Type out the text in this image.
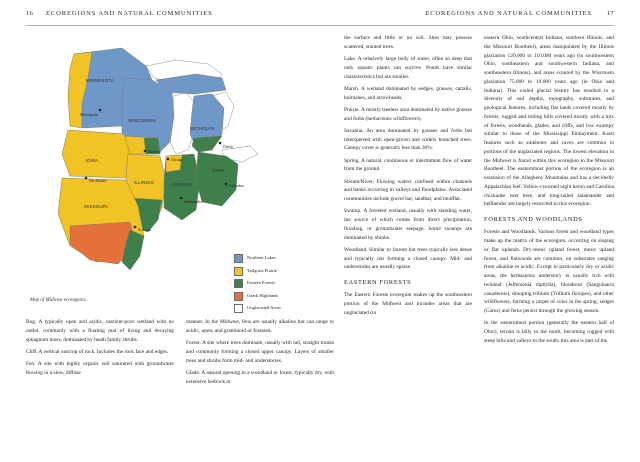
16 ECOREGIONS AND NATURAL COMMUNITIES	ECOREGIONS AND NATURAL COMMUNITIES 17
MINNESOTA
WISCONSIN
MICHIGAN
IOWA
ILLINOIS	INDIANA
OHIO
MISSOURI
Minneapolis
Madison
Detroit
Chicago
Des Moines
Columbus
Indianapolis
St. Louis
Northern Lakes
Tallgrass Prairie
Eastern Forests
Ozark Highlands
Unglaciated Areas
Map of Midwest ecoregions.

Bog. A typically open and acidic, nutrient-poor wetland with no outlet, commonly with a floating mat of living and decaying sphagnum moss, dominated by heath family shrubs.

Cliff. A vertical outcrop of rock. Includes the rock face and edges.

Fen. A site with highly organic soil saturated with groundwater flowing in a slow, diffuse

manner. In the Midwest, fens are usually alkaline but can range to acidic, open, and graminoid or forested.

Forest. A site where trees dominate, usually with tall, straight trunks and commonly forming a closed upper canopy. Layers of smaller trees and shrubs form mid- and understories.

Glade. A natural opening in a woodland or forest, typically dry, with extensive bedrock at

the surface and little or no soil. Sites may possess scattered, stunted trees.

Lake. A relatively large body of water, often so deep that only aquatic plants can survive. Ponds have similar characteristics but are smaller.

Marsh. A wetland dominated by sedges, grasses, cattails, bulrushes, and arrowheads.

Prairie. A mostly treeless area dominated by native grasses and forbs (herbaceous wildflowers).

Savanna. An area dominated by grasses and forbs but interspersed with open-grown and widely branched trees. Canopy cover is generally less than 30%.

Spring. A natural, continuous or intermittent flow of water from the ground.

Stream/River. Flowing waters confined within channels and banks occurring in valleys and floodplains. Associated communities include gravel bar, sandbar, and mudflat.

Swamp. A forested wetland, usually with standing water, the source of which comes from direct precipitation, flooding, or groundwater seepage. Some swamps are dominated by shrubs.

Woodland. Similar to forests but trees typically less dense and typically not forming a closed canopy. Mid- and understories are usually sparse.

EASTERN FORESTS

The Eastern Forests ecoregion makes up the southeastern portion of the Midwest and includes areas that are unglaciated (in

eastern Ohio, southcentral Indiana, southern Illinois, and the Missouri Bootheel), areas manipulated by the Illinois glaciation 120,000 to 110,000 years ago (in southwestern Ohio, southeastern and southwestern Indiana, and southeastern Illinois), and areas scoured by the Wisconsin glaciation 75,000 to 10,000 years ago (in Ohio and Indiana). This varied glacial history has resulted in a diversity of soil depths, topography, substrates, and geological features, including flat lands covered mostly by forests, rugged and rolling hills covered mostly with a mix of forests, woodlands, glades, and cliffs, and low swampy similar to those of the Mississippi Embayment. Karst features such as sinkholes and caves are common in portions of the unglaciated regions. The lowest elevation in the Midwest is found within this ecoregion in the Missouri Bootheel. The easternmost portion of the ecoregion is an extension of the Allegheny Mountains and has a decidedly Appalachian feel. Yellow-crowned night heron and Carolina chickadee nest here, and long-tailed salamander and hellbender are largely restricted to this ecoregion.

FORESTS AND WOODLANDS

Forests and Woodlands. Various forest and woodland types make up the matrix of the ecoregion, occurring on sloping or flat uplands. Dry-mesic upland forest, mesic upland forest, and flatwoods are common, on substrates ranging from alkaline to acidic. Except in particularly dry or acidic areas, the herbaceous understory is usually rich with twinleaf (Jeffersonia diphylla), bloodroot (Sanguinaria canadensis), drooping trillium (Trillium flexipes), and other wildflowers, forming a carpet of color in the spring; sedges (Carex) and ferns persist through the growing season.

In the easternmost portion (generally the eastern half of Ohio), terrain is hilly to the north, becoming rugged with steep hills and valleys to the south; this area is part of the
